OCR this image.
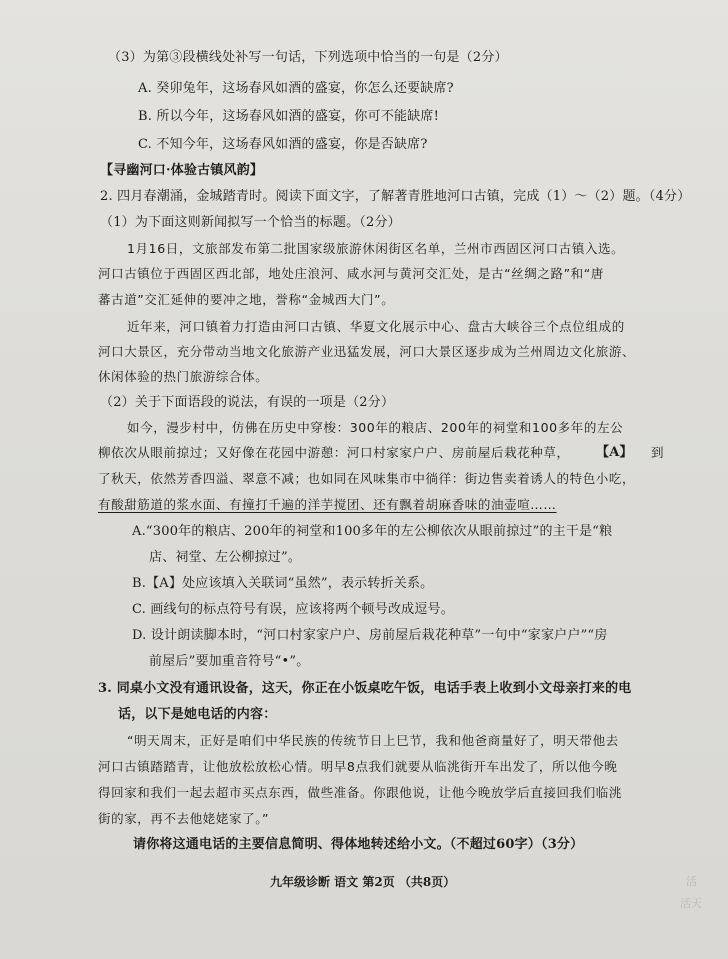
（3）为第③段横线处补写一句话，下列选项中恰当的一句是（2分）
A. 癸卯兔年，这场春风如酒的盛宴，你怎么还要缺席?
B. 所以今年，这场春风如酒的盛宴，你可不能缺席!
C. 不知今年，这场春风如酒的盛宴，你是否缺席?
【寻幽河口·体验古镇风韵】
2. 四月春潮涌，金城踏青时。阅读下面文字，了解著青胜地河口古镇，完成（1）～（2）题。（4分）
（1）为下面这则新闻拟写一个恰当的标题。（2分）
1月16日，文旅部发布第二批国家级旅游休闲街区名单，兰州市西固区河口古镇入选。
河口古镇位于西固区西北部，地处庄浪河、咸水河与黄河交汇处，是古“丝绸之路”和“唐
蕃古道”交汇延伸的要冲之地，誉称“金城西大门”。
近年来，河口镇着力打造由河口古镇、华夏文化展示中心、盘古大峡谷三个点位组成的
河口大景区，充分带动当地文化旅游产业迅猛发展，河口大景区逐步成为兰州周边文化旅游、
休闲体验的热门旅游综合体。
（2）关于下面语段的说法，有误的一项是（2分）
如今，漫步村中，仿佛在历史中穿梭：300年的粮店、200年的祠堂和100多年的左公
柳依次从眼前掠过；又好像在花园中游憩：河口村家家户户、房前屋后栽花种草， 【A】 到
了秋天，依然芳香四溢、翠意不减；也如同在风味集市中徜徉：街边售卖着诱人的特色小吃，
有酸甜筋道的浆水面、有撞打千遍的洋芋搅团、还有飘着胡麻香味的油壶喧……
A.“300年的粮店、200年的祠堂和100多年的左公柳依次从眼前掠过”的主干是“粮
店、祠堂、左公柳掠过”。
B.【A】处应该填入关联词“虽然”，表示转折关系。
C. 画线句的标点符号有误，应该将两个顿号改成逗号。
D. 设计朗读脚本时，“河口村家家户户、房前屋后栽花种草”一句中“家家户户”“房
前屋后”要加重音符号“•”。
3. 同桌小文没有通讯设备，这天，你正在小饭桌吃午饭，电话手表上收到小文母亲打来的电
话，以下是她电话的内容：
“明天周末，正好是咱们中华民族的传统节日上巳节，我和他爸商量好了，明天带他去
河口古镇踏踏青，让他放松放松心情。明早8点我们就要从临洮街开车出发了，所以他今晚
得回家和我们一起去超市买点东西，做些准备。你跟他说，让他今晚放学后直接回我们临洮
街的家，再不去他姥姥家了。”
请你将这通电话的主要信息简明、得体地转述给小文。（不超过60字）（3分）
九年级诊断 语文 第2页 （共8页）	活
活天
